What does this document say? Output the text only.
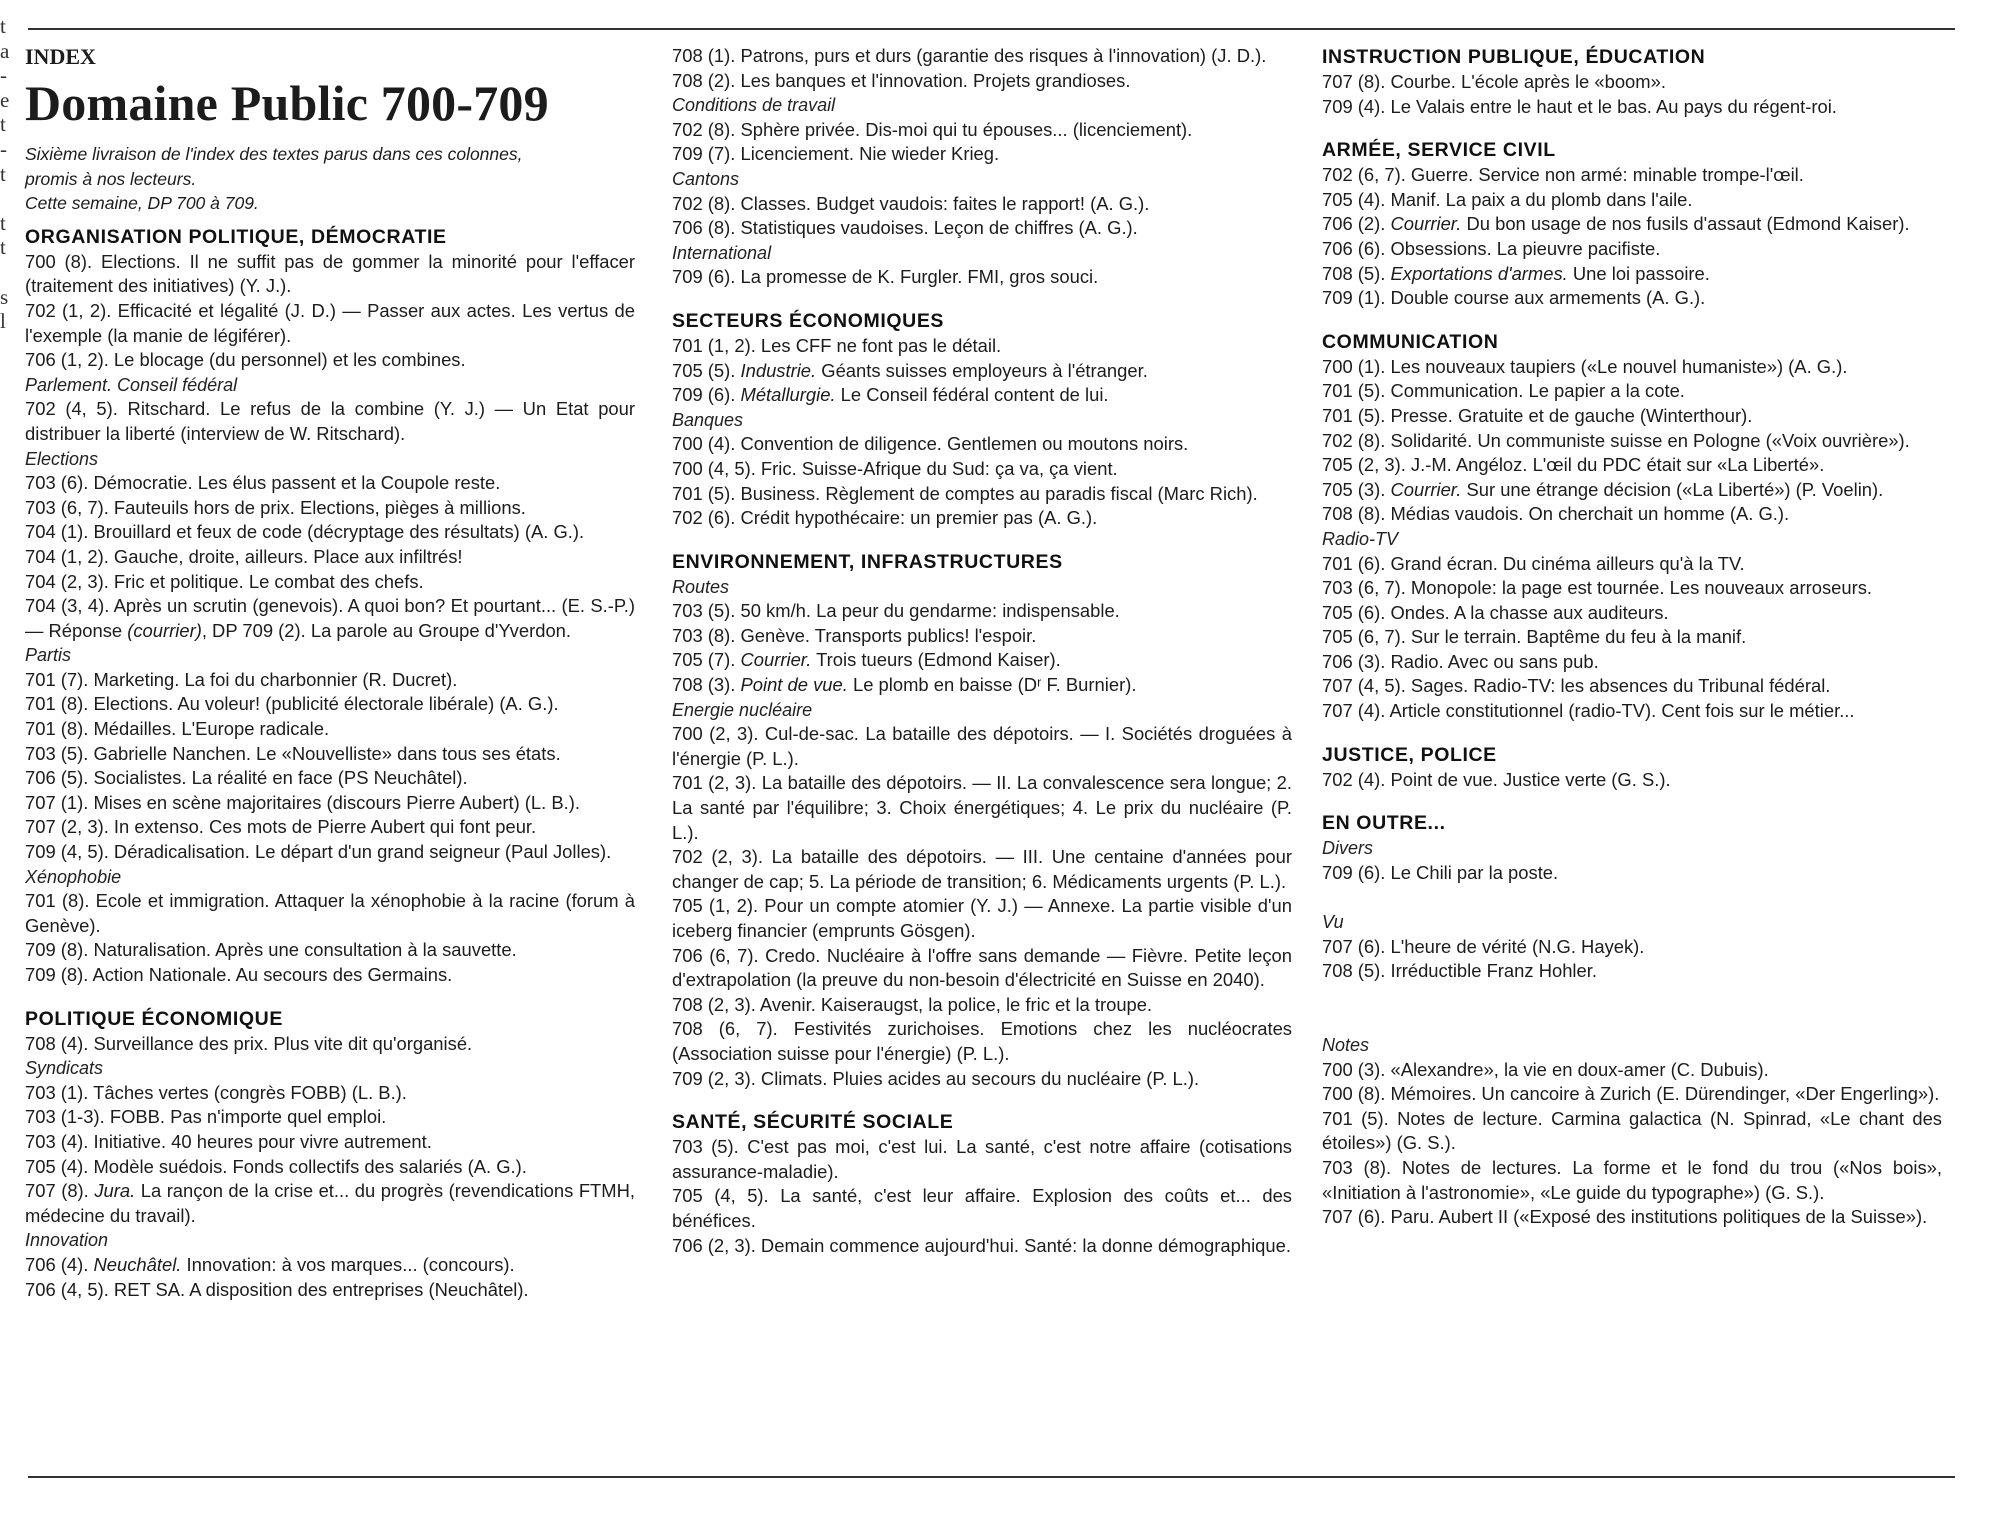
t
a
-
e
t
-
t
t
t
s
l
INDEX
Domaine Public 700-709
Sixième livraison de l'index des textes parus dans ces colonnes,
promis à nos lecteurs.
Cette semaine, DP 700 à 709.
ORGANISATION POLITIQUE, DÉMOCRATIE
700 (8). Elections. Il ne suffit pas de gommer la minorité pour l'effacer (traitement des initiatives) (Y. J.).
702 (1, 2). Efficacité et légalité (J. D.) — Passer aux actes. Les vertus de l'exemple (la manie de légiférer).
706 (1, 2). Le blocage (du personnel) et les combines.
Parlement. Conseil fédéral
702 (4, 5). Ritschard. Le refus de la combine (Y. J.) — Un Etat pour distribuer la liberté (interview de W. Ritschard).
Elections
703 (6). Démocratie. Les élus passent et la Coupole reste.
703 (6, 7). Fauteuils hors de prix. Elections, pièges à millions.
704 (1). Brouillard et feux de code (décryptage des résultats) (A. G.).
704 (1, 2). Gauche, droite, ailleurs. Place aux infiltrés!
704 (2, 3). Fric et politique. Le combat des chefs.
704 (3, 4). Après un scrutin (genevois). A quoi bon? Et pourtant... (E. S.-P.) — Réponse (courrier), DP 709 (2). La parole au Groupe d'Yverdon.
Partis
701 (7). Marketing. La foi du charbonnier (R. Ducret).
701 (8). Elections. Au voleur! (publicité électorale libérale) (A. G.).
701 (8). Médailles. L'Europe radicale.
703 (5). Gabrielle Nanchen. Le «Nouvelliste» dans tous ses états.
706 (5). Socialistes. La réalité en face (PS Neuchâtel).
707 (1). Mises en scène majoritaires (discours Pierre Aubert) (L. B.).
707 (2, 3). In extenso. Ces mots de Pierre Aubert qui font peur.
709 (4, 5). Déradicalisation. Le départ d'un grand seigneur (Paul Jolles).
Xénophobie
701 (8). Ecole et immigration. Attaquer la xénophobie à la racine (forum à Genève).
709 (8). Naturalisation. Après une consultation à la sauvette.
709 (8). Action Nationale. Au secours des Germains.
POLITIQUE ÉCONOMIQUE
708 (4). Surveillance des prix. Plus vite dit qu'organisé.
Syndicats
703 (1). Tâches vertes (congrès FOBB) (L. B.).
703 (1-3). FOBB. Pas n'importe quel emploi.
703 (4). Initiative. 40 heures pour vivre autrement.
705 (4). Modèle suédois. Fonds collectifs des salariés (A. G.).
707 (8). Jura. La rançon de la crise et... du progrès (revendications FTMH, médecine du travail).
Innovation
706 (4). Neuchâtel. Innovation: à vos marques... (concours).
706 (4, 5). RET SA. A disposition des entreprises (Neuchâtel).
708 (1). Patrons, purs et durs (garantie des risques à l'innovation) (J. D.).
708 (2). Les banques et l'innovation. Projets grandioses.
Conditions de travail
702 (8). Sphère privée. Dis-moi qui tu épouses... (licenciement).
709 (7). Licenciement. Nie wieder Krieg.
Cantons
702 (8). Classes. Budget vaudois: faites le rapport! (A. G.).
706 (8). Statistiques vaudoises. Leçon de chiffres (A. G.).
International
709 (6). La promesse de K. Furgler. FMI, gros souci.
SECTEURS ÉCONOMIQUES
701 (1, 2). Les CFF ne font pas le détail.
705 (5). Industrie. Géants suisses employeurs à l'étranger.
709 (6). Métallurgie. Le Conseil fédéral content de lui.
Banques
700 (4). Convention de diligence. Gentlemen ou moutons noirs.
700 (4, 5). Fric. Suisse-Afrique du Sud: ça va, ça vient.
701 (5). Business. Règlement de comptes au paradis fiscal (Marc Rich).
702 (6). Crédit hypothécaire: un premier pas (A. G.).
ENVIRONNEMENT, INFRASTRUCTURES
Routes
703 (5). 50 km/h. La peur du gendarme: indispensable.
703 (8). Genève. Transports publics! l'espoir.
705 (7). Courrier. Trois tueurs (Edmond Kaiser).
708 (3). Point de vue. Le plomb en baisse (Dʳ F. Burnier).
Energie nucléaire
700 (2, 3). Cul-de-sac. La bataille des dépotoirs. — I. Sociétés droguées à l'énergie (P. L.).
701 (2, 3). La bataille des dépotoirs. — II. La convalescence sera longue; 2. La santé par l'équilibre; 3. Choix énergétiques; 4. Le prix du nucléaire (P. L.).
702 (2, 3). La bataille des dépotoirs. — III. Une centaine d'années pour changer de cap; 5. La période de transition; 6. Médicaments urgents (P. L.).
705 (1, 2). Pour un compte atomier (Y. J.) — Annexe. La partie visible d'un iceberg financier (emprunts Gösgen).
706 (6, 7). Credo. Nucléaire à l'offre sans demande — Fièvre. Petite leçon d'extrapolation (la preuve du non-besoin d'électricité en Suisse en 2040).
708 (2, 3). Avenir. Kaiseraugst, la police, le fric et la troupe.
708 (6, 7). Festivités zurichoises. Emotions chez les nucléocrates (Association suisse pour l'énergie) (P. L.).
709 (2, 3). Climats. Pluies acides au secours du nucléaire (P. L.).
SANTÉ, SÉCURITÉ SOCIALE
703 (5). C'est pas moi, c'est lui. La santé, c'est notre affaire (cotisations assurance-maladie).
705 (4, 5). La santé, c'est leur affaire. Explosion des coûts et... des bénéfices.
706 (2, 3). Demain commence aujourd'hui. Santé: la donne démographique.
INSTRUCTION PUBLIQUE, ÉDUCATION
707 (8). Courbe. L'école après le «boom».
709 (4). Le Valais entre le haut et le bas. Au pays du régent-roi.
ARMÉE, SERVICE CIVIL
702 (6, 7). Guerre. Service non armé: minable trompe-l'œil.
705 (4). Manif. La paix a du plomb dans l'aile.
706 (2). Courrier. Du bon usage de nos fusils d'assaut (Edmond Kaiser).
706 (6). Obsessions. La pieuvre pacifiste.
708 (5). Exportations d'armes. Une loi passoire.
709 (1). Double course aux armements (A. G.).
COMMUNICATION
700 (1). Les nouveaux taupiers («Le nouvel humaniste») (A. G.).
701 (5). Communication. Le papier a la cote.
701 (5). Presse. Gratuite et de gauche (Winterthour).
702 (8). Solidarité. Un communiste suisse en Pologne («Voix ouvrière»).
705 (2, 3). J.-M. Angéloz. L'œil du PDC était sur «La Liberté».
705 (3). Courrier. Sur une étrange décision («La Liberté») (P. Voelin).
708 (8). Médias vaudois. On cherchait un homme (A. G.).
Radio-TV
701 (6). Grand écran. Du cinéma ailleurs qu'à la TV.
703 (6, 7). Monopole: la page est tournée. Les nouveaux arroseurs.
705 (6). Ondes. A la chasse aux auditeurs.
705 (6, 7). Sur le terrain. Baptême du feu à la manif.
706 (3). Radio. Avec ou sans pub.
707 (4, 5). Sages. Radio-TV: les absences du Tribunal fédéral.
707 (4). Article constitutionnel (radio-TV). Cent fois sur le métier...
JUSTICE, POLICE
702 (4). Point de vue. Justice verte (G. S.).
EN OUTRE...
Divers
709 (6). Le Chili par la poste.
Vu
707 (6). L'heure de vérité (N.G. Hayek).
708 (5). Irréductible Franz Hohler.
Notes
700 (3). «Alexandre», la vie en doux-amer (C. Dubuis).
700 (8). Mémoires. Un cancoire à Zurich (E. Dürendinger, «Der Engerling»).
701 (5). Notes de lecture. Carmina galactica (N. Spinrad, «Le chant des étoiles») (G. S.).
703 (8). Notes de lectures. La forme et le fond du trou («Nos bois», «Initiation à l'astronomie», «Le guide du typographe») (G. S.).
707 (6). Paru. Aubert II («Exposé des institutions politiques de la Suisse»).
